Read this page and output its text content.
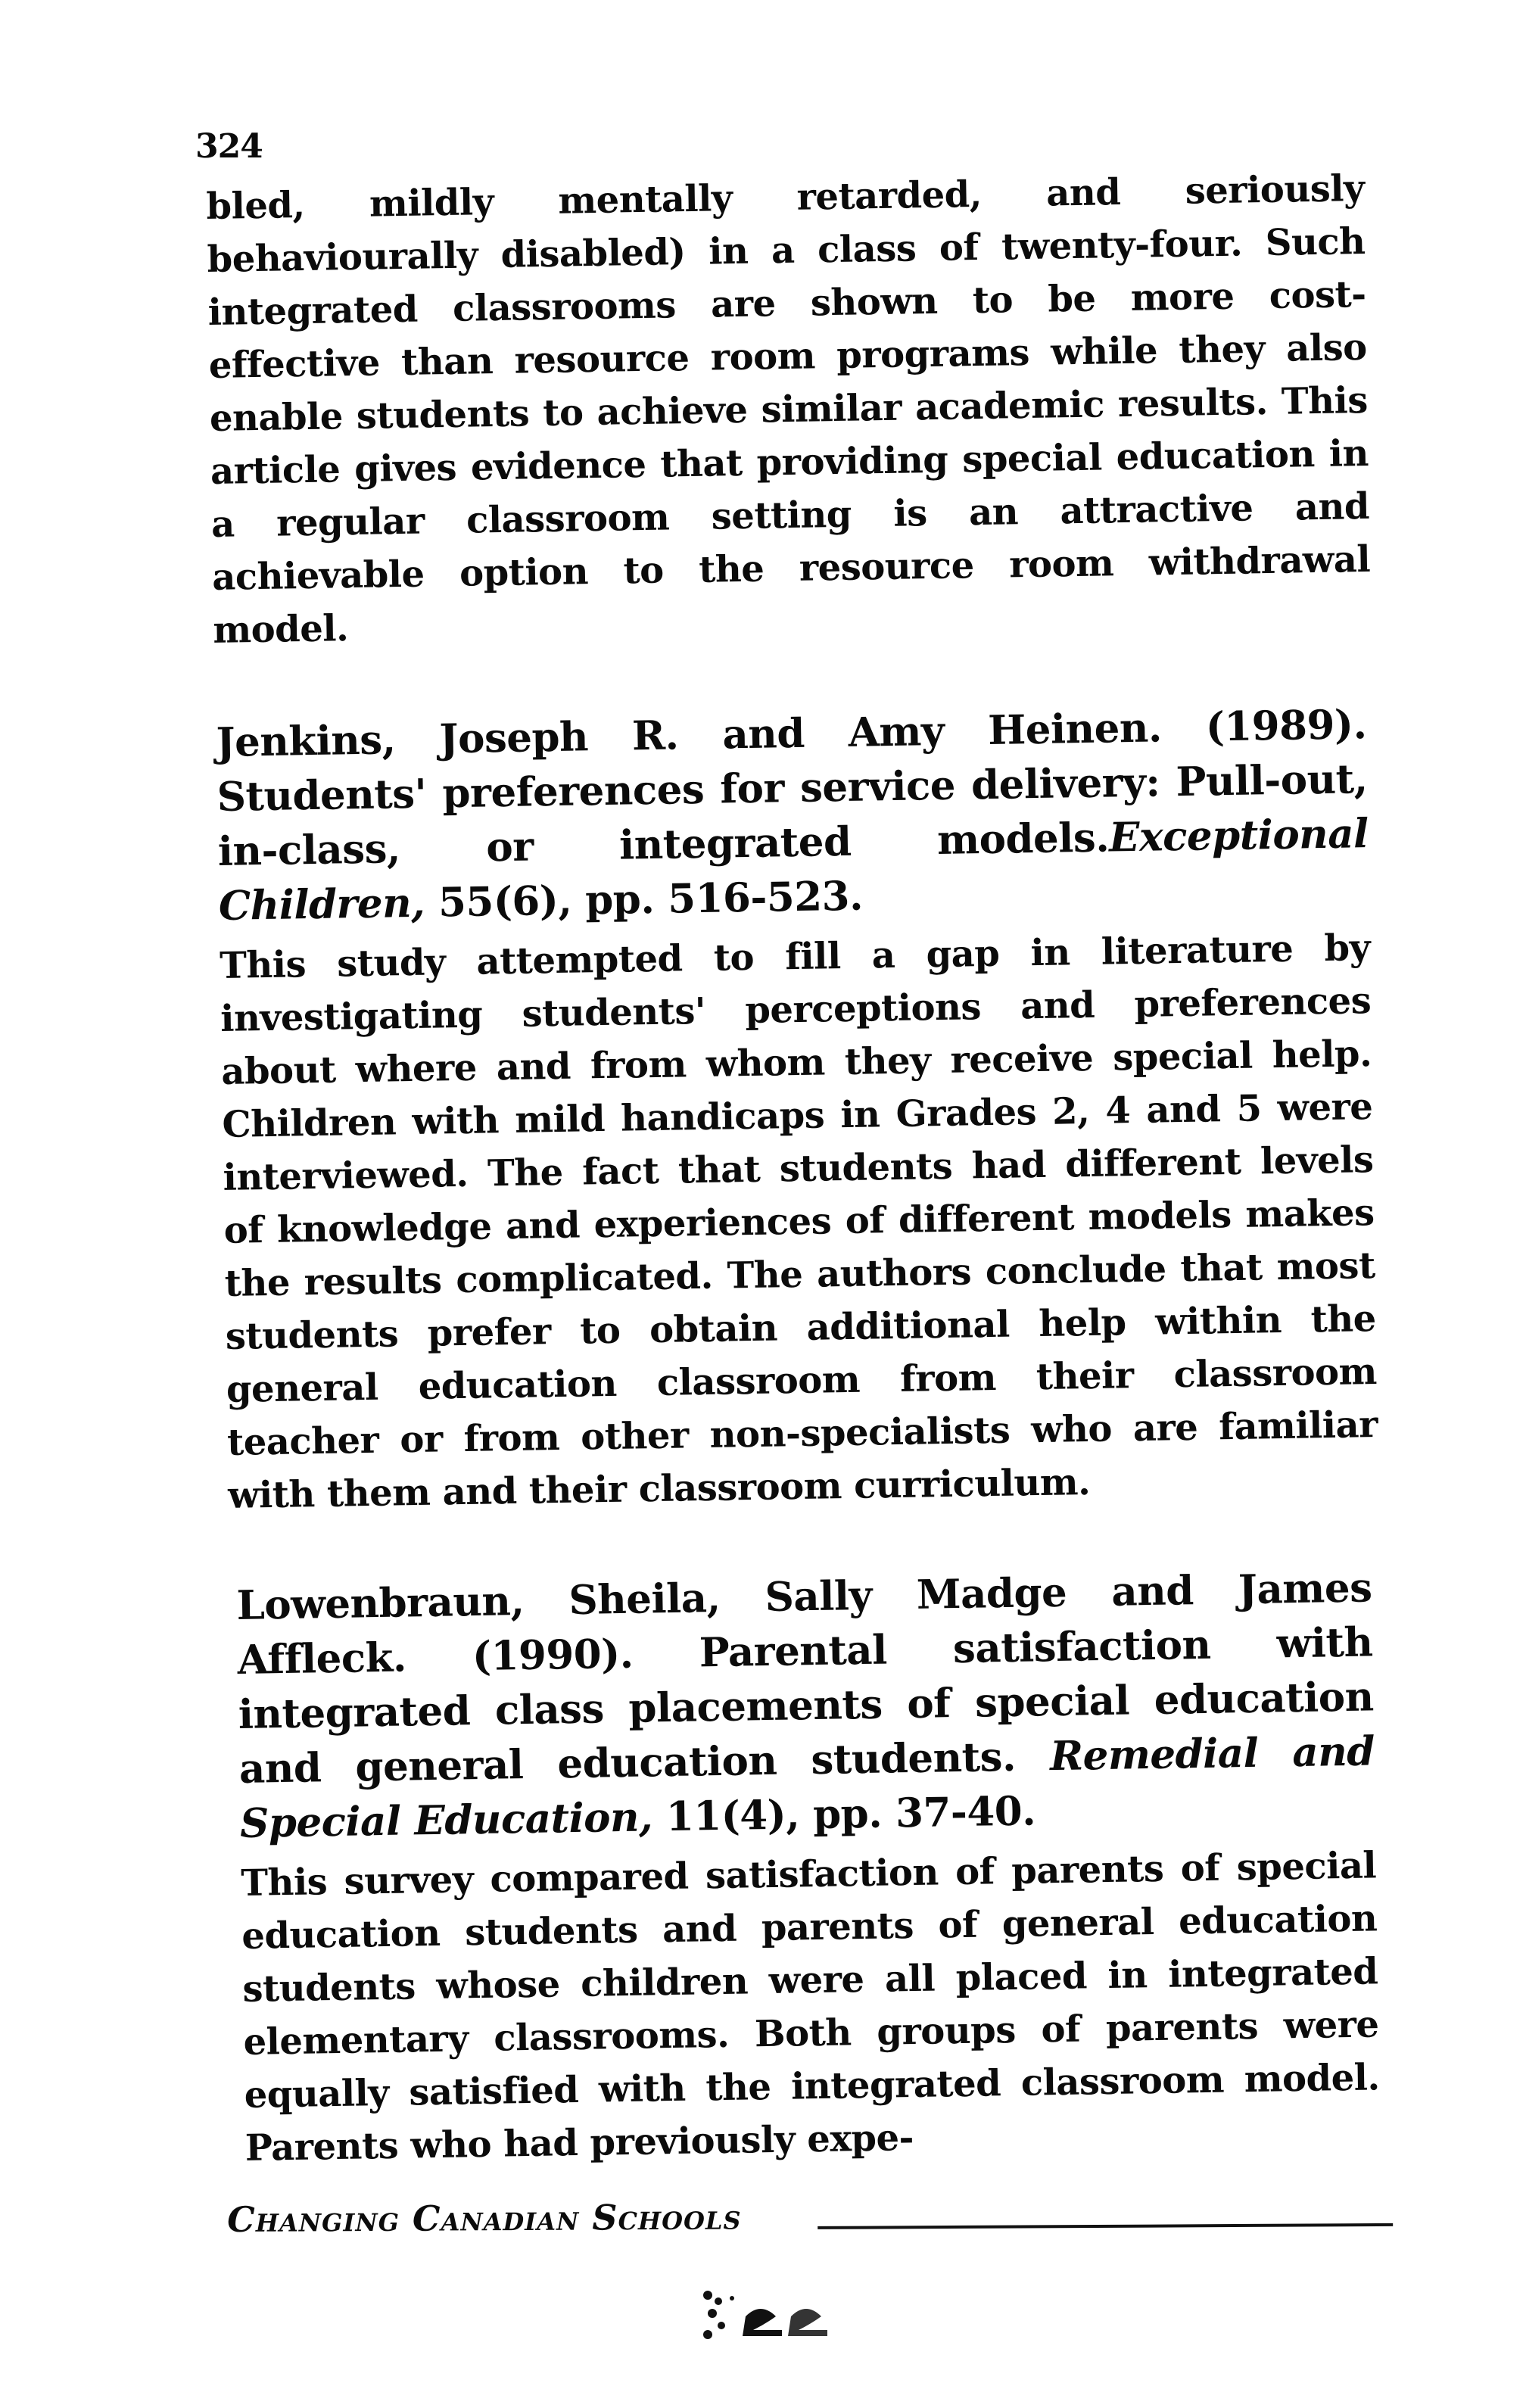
324

bled, mildly mentally retarded, and seriously behaviourally disabled) in a class of twenty-four. Such integrated classrooms are shown to be more cost-effective than resource room programs while they also enable students to achieve similar academic results. This article gives evidence that providing special education in a regular classroom setting is an attractive and achievable option to the resource room withdrawal model.

Jenkins, Joseph R. and Amy Heinen. (1989). Students' preferences for service delivery: Pull-out, in-class, or integrated models.Exceptional Children, 55(6), pp. 516-523.

This study attempted to fill a gap in literature by investigating students' perceptions and preferences about where and from whom they receive special help. Children with mild handicaps in Grades 2, 4 and 5 were interviewed. The fact that students had different levels of knowledge and experiences of different models makes the results complicated. The authors conclude that most students prefer to obtain additional help within the general education classroom from their classroom teacher or from other non-specialists who are familiar with them and their classroom curriculum.

Lowenbraun, Sheila, Sally Madge and James Affleck. (1990). Parental satisfaction with integrated class placements of special education and general education students. Remedial and Special Education, 11(4), pp. 37-40.

This survey compared satisfaction of parents of special education students and parents of general education students whose children were all placed in integrated elementary classrooms. Both groups of parents were equally satisfied with the integrated classroom model. Parents who had previously expe-

Changing Canadian Schools
